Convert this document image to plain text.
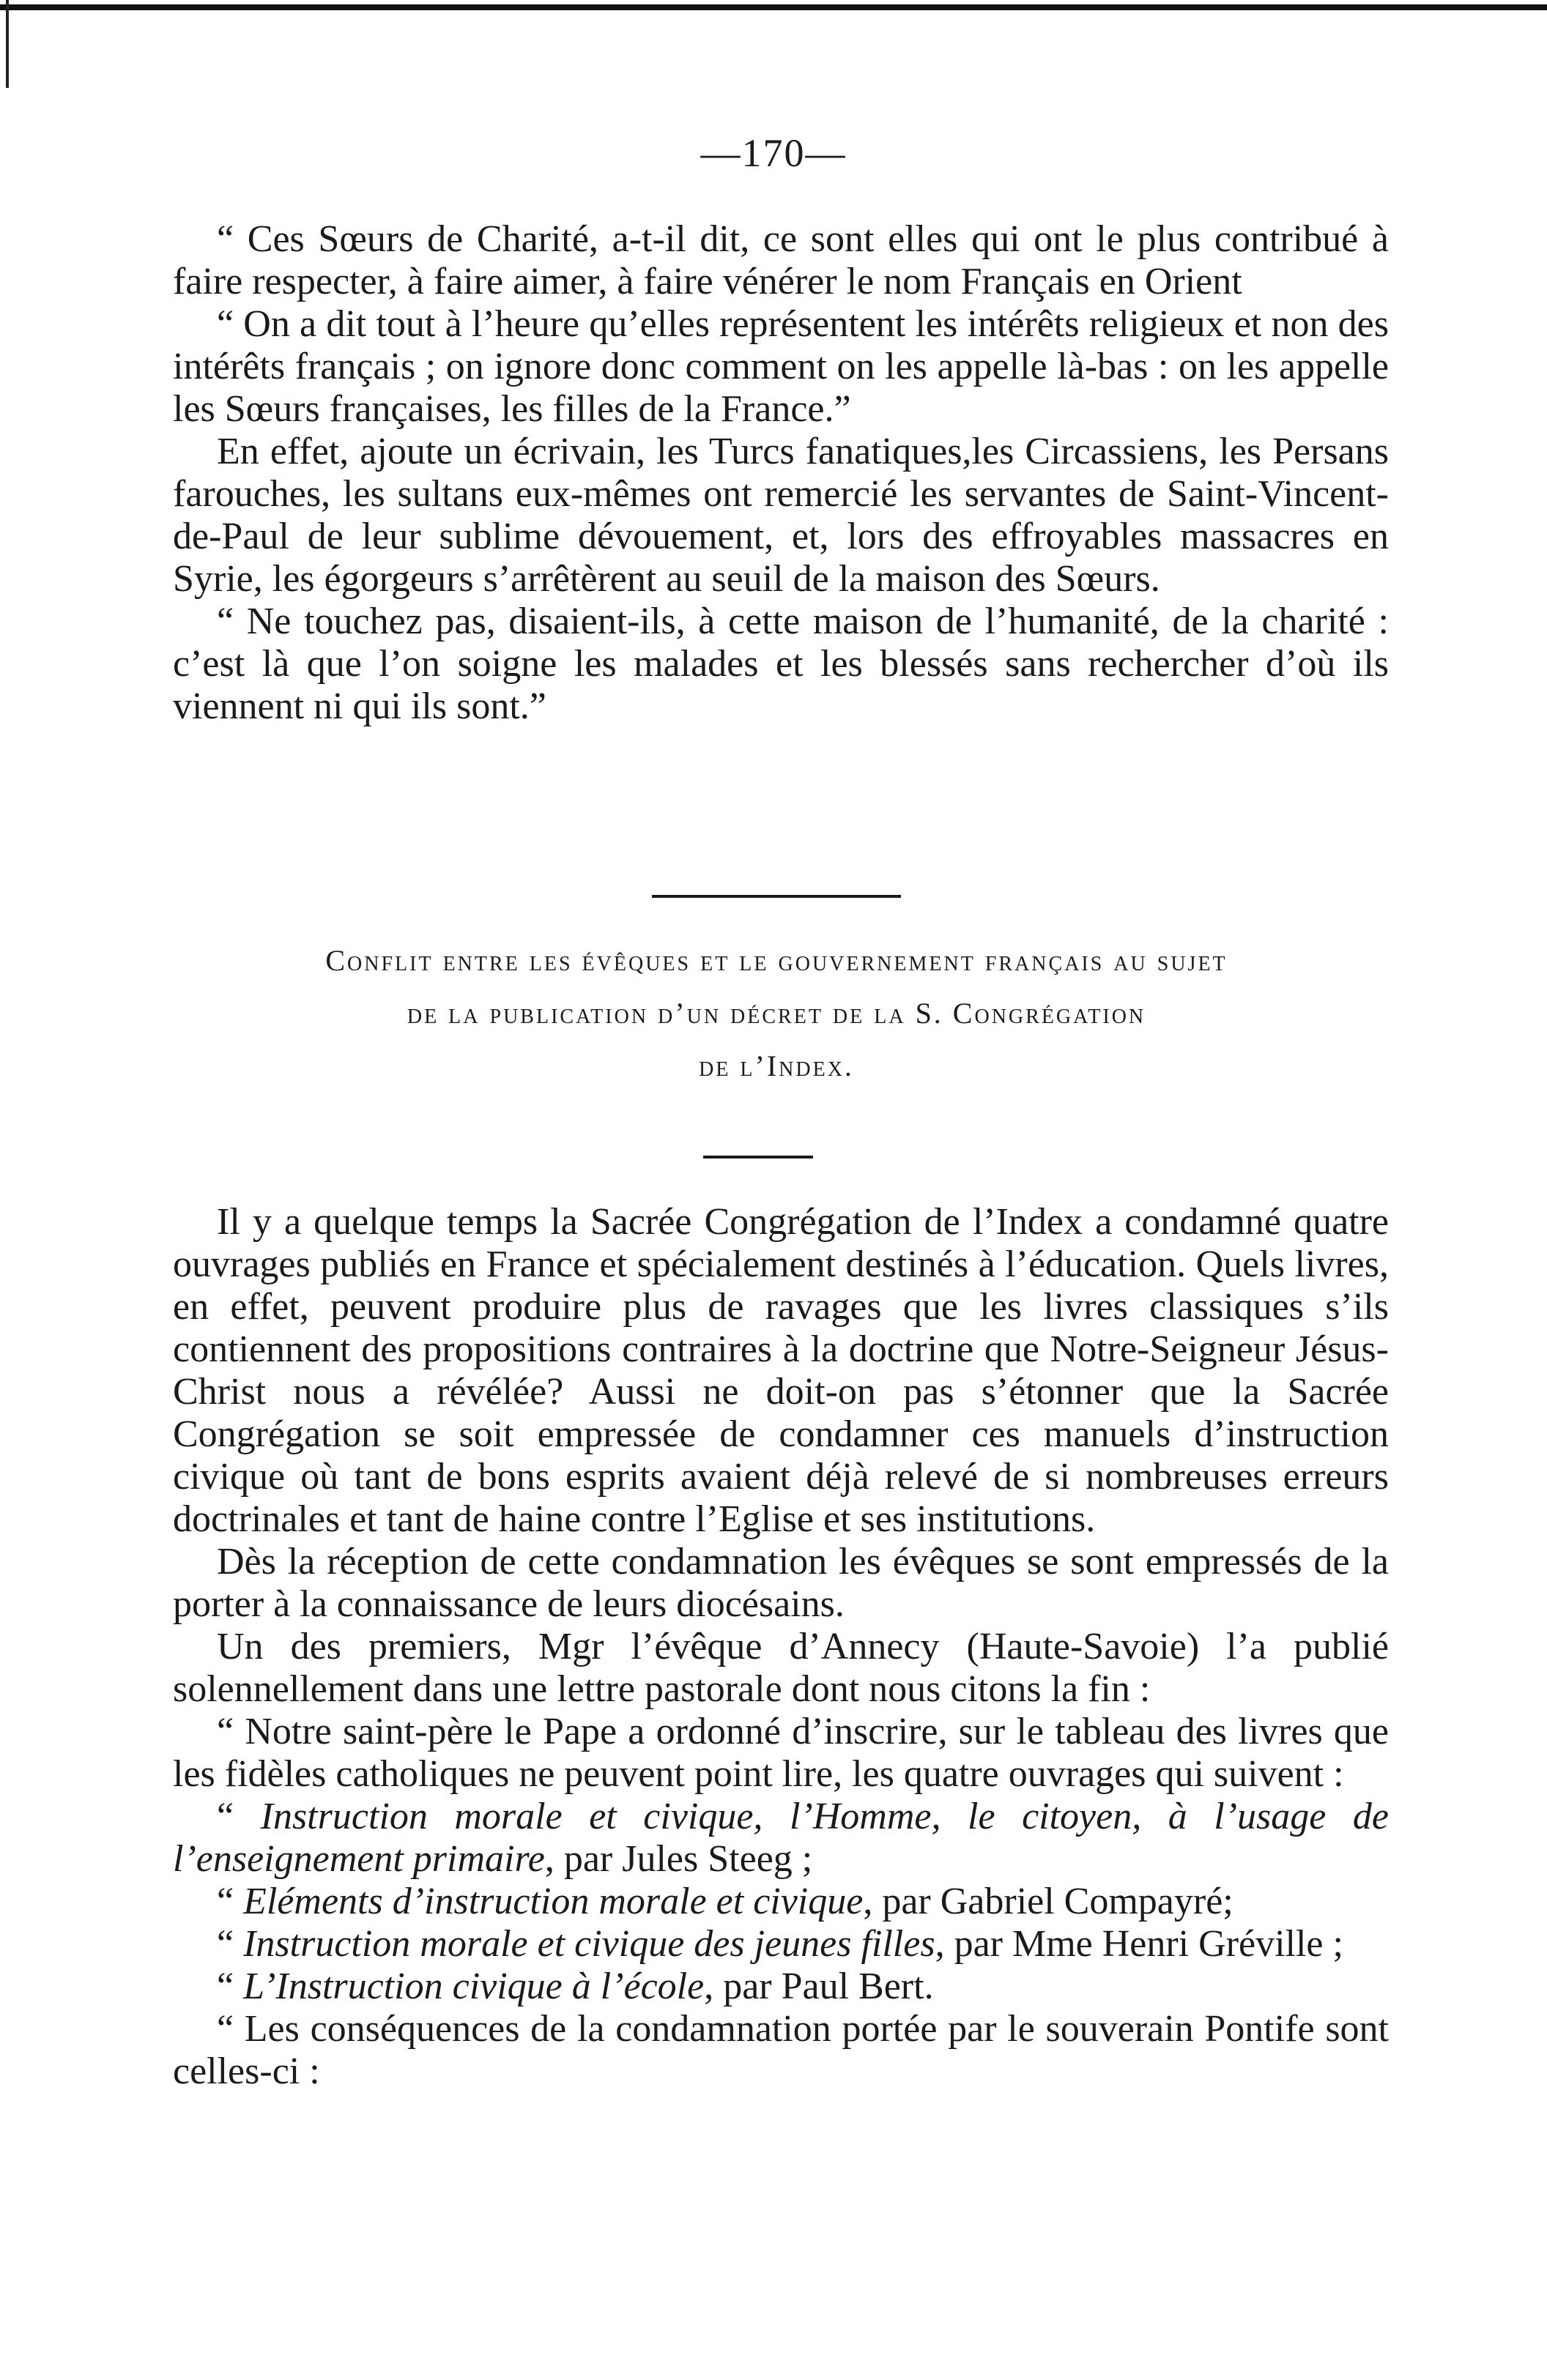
—170—

“ Ces Sœurs de Charité, a-t-il dit, ce sont elles qui ont le plus contribué à faire respecter, à faire aimer, à faire vénérer le nom Français en Orient

“ On a dit tout à l’heure qu’elles représentent les intérêts religieux et non des intérêts français ; on ignore donc comment on les appelle là-bas : on les appelle les Sœurs françaises, les filles de la France.”

En effet, ajoute un écrivain, les Turcs fanatiques,les Circassiens, les Persans farouches, les sultans eux-mêmes ont remercié les servantes de Saint-Vincent-de-Paul de leur sublime dévouement, et, lors des effroyables massacres en Syrie, les égorgeurs s’arrêtèrent au seuil de la maison des Sœurs.

“ Ne touchez pas, disaient-ils, à cette maison de l’humanité, de la charité : c’est là que l’on soigne les malades et les blessés sans rechercher d’où ils viennent ni qui ils sont.”

Conflit entre les évêques et le gouvernement français au sujet
de la publication d’un décret de la S. Congrégation
de l’Index.

Il y a quelque temps la Sacrée Congrégation de l’Index a condamné quatre ouvrages publiés en France et spécialement destinés à l’éducation. Quels livres, en effet, peuvent produire plus de ravages que les livres classiques s’ils contiennent des propositions contraires à la doctrine que Notre-Seigneur Jésus-Christ nous a révélée? Aussi ne doit-on pas s’étonner que la Sacrée Congrégation se soit empressée de condamner ces manuels d’instruction civique où tant de bons esprits avaient déjà relevé de si nombreuses erreurs doctrinales et tant de haine contre l’Eglise et ses institutions.

Dès la réception de cette condamnation les évêques se sont empressés de la porter à la connaissance de leurs diocésains.

Un des premiers, Mgr l’évêque d’Annecy (Haute-Savoie) l’a publié solennellement dans une lettre pastorale dont nous citons la fin :

“ Notre saint-père le Pape a ordonné d’inscrire, sur le tableau des livres que les fidèles catholiques ne peuvent point lire, les quatre ouvrages qui suivent :

“ Instruction morale et civique, l’Homme, le citoyen, à l’usage de l’enseignement primaire, par Jules Steeg ;

“ Eléments d’instruction morale et civique, par Gabriel Compayré;

“ Instruction morale et civique des jeunes filles, par Mme Henri Gréville ;

“ L’Instruction civique à l’école, par Paul Bert.

“ Les conséquences de la condamnation portée par le souverain Pontife sont celles-ci :
